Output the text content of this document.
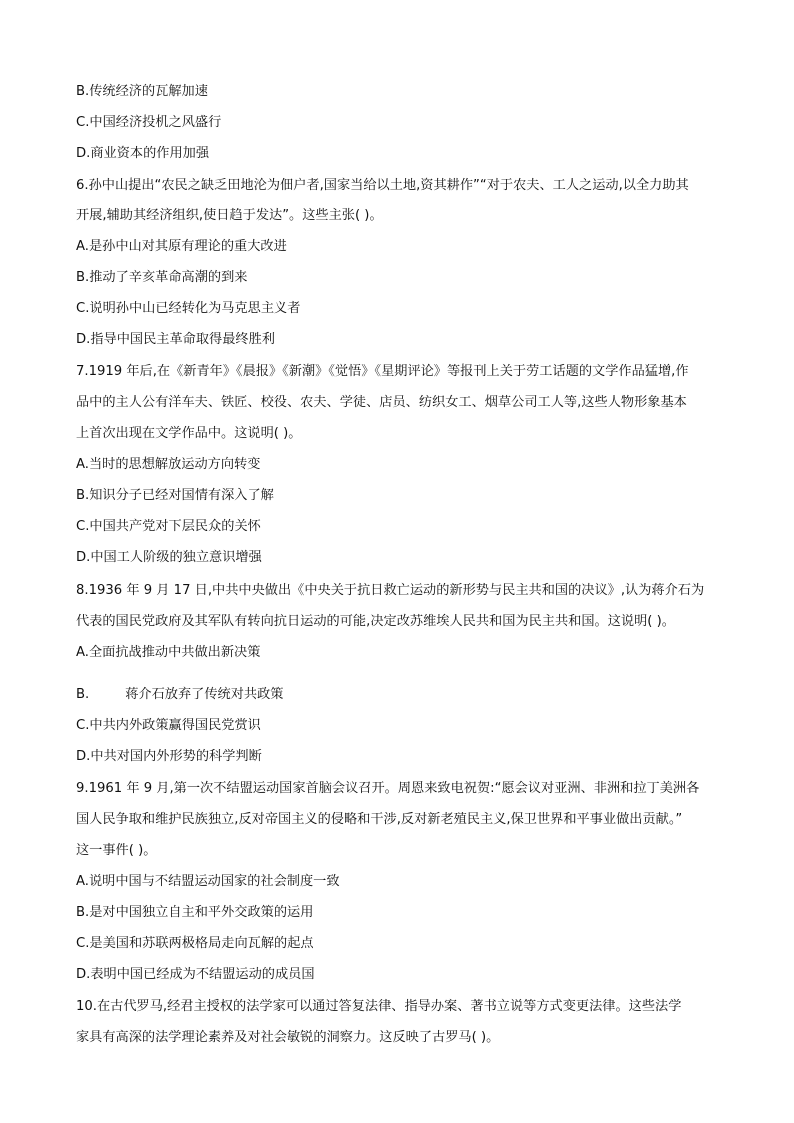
B.传统经济的瓦解加速
C.中国经济投机之风盛行
D.商业资本的作用加强
6.孙中山提出“农民之缺乏田地沦为佃户者,国家当给以土地,资其耕作”“对于农夫、工人之运动,以全力助其
开展,辅助其经济组织,使日趋于发达”。这些主张( )。
A.是孙中山对其原有理论的重大改进
B.推动了辛亥革命高潮的到来
C.说明孙中山已经转化为马克思主义者
D.指导中国民主革命取得最终胜利
7.1919 年后,在《新青年》《晨报》《新潮》《觉悟》《星期评论》等报刊上关于劳工话题的文学作品猛增,作
品中的主人公有洋车夫、铁匠、校役、农夫、学徒、店员、纺织女工、烟草公司工人等,这些人物形象基本
上首次出现在文学作品中。这说明( )。
A.当时的思想解放运动方向转变
B.知识分子已经对国情有深入了解
C.中国共产党对下层民众的关怀
D.中国工人阶级的独立意识增强
8.1936 年 9 月 17 日,中共中央做出《中央关于抗日救亡运动的新形势与民主共和国的决议》,认为蒋介石为
代表的国民党政府及其军队有转向抗日运动的可能,决定改苏维埃人民共和国为民主共和国。这说明( )。
A.全面抗战推动中共做出新决策
B.	蒋介石放弃了传统对共政策
C.中共内外政策赢得国民党赏识
D.中共对国内外形势的科学判断
9.1961 年 9 月,第一次不结盟运动国家首脑会议召开。周恩来致电祝贺:“愿会议对亚洲、非洲和拉丁美洲各
国人民争取和维护民族独立,反对帝国主义的侵略和干涉,反对新老殖民主义,保卫世界和平事业做出贡献。”
这一事件( )。
A.说明中国与不结盟运动国家的社会制度一致
B.是对中国独立自主和平外交政策的运用
C.是美国和苏联两极格局走向瓦解的起点
D.表明中国已经成为不结盟运动的成员国
10.在古代罗马,经君主授权的法学家可以通过答复法律、指导办案、著书立说等方式变更法律。这些法学
家具有高深的法学理论素养及对社会敏锐的洞察力。这反映了古罗马( )。
